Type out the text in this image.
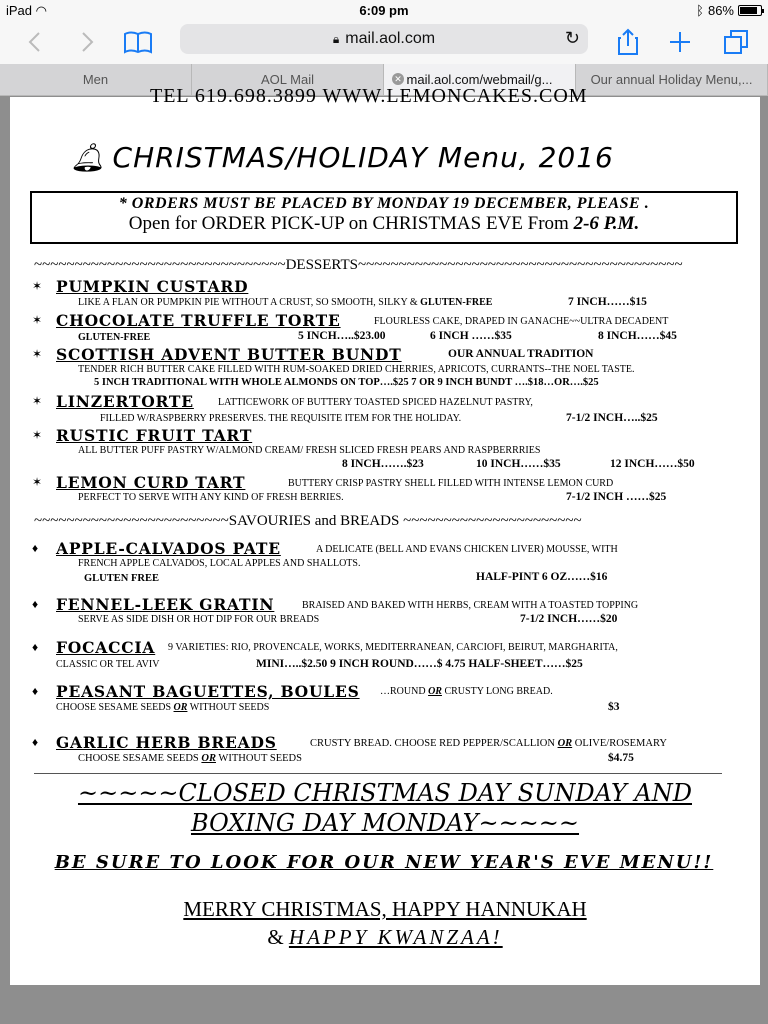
iPad ◠	6:09 pm	ᛒ 86%
🔒︎ mail.aol.com	↻
Men	AOL Mail	✕ mail.aol.com/webmail/g...	Our annual Holiday Menu,...
TEL 619.698.3899 WWW.LEMONCAKES.COM
🔔︎ CHRISTMAS/HOLIDAY Menu, 2016
* ORDERS MUST BE PLACED BY MONDAY 19 DECEMBER, PLEASE .
Open for ORDER PICK-UP on CHRISTMAS EVE From 2-6 P.M.
~~~~~~~~~~~~~~~~~~~~~~~~~~~~~~~DESSERTS~~~~~~~~~~~~~~~~~~~~~~~~~~~~~~~~~~~~~~~~
✶ PUMPKIN CUSTARD
LIKE A FLAN OR PUMPKIN PIE WITHOUT A CRUST, SO SMOOTH, SILKY & GLUTEN-FREE	7 INCH……$15
✶ CHOCOLATE TRUFFLE TORTE	FLOURLESS CAKE, DRAPED IN GANACHE~~ULTRA DECADENT
GLUTEN-FREE	5 INCH…..$23.00	6 INCH ……$35	8 INCH……$45
✶ SCOTTISH ADVENT BUTTER BUNDT	OUR ANNUAL TRADITION
TENDER RICH BUTTER CAKE FILLED WITH RUM-SOAKED DRIED CHERRIES, APRICOTS, CURRANTS--THE NOEL TASTE.
5 INCH TRADITIONAL WITH WHOLE ALMONDS ON TOP….$25 7 OR 9 INCH BUNDT ….$18…OR….$25
✶ LINZERTORTE LATTICEWORK OF BUTTERY TOASTED SPICED HAZELNUT PASTRY,
FILLED W/RASPBERRY PRESERVES. THE REQUISITE ITEM FOR THE HOLIDAY.	7-1/2 INCH…..$25
✶ RUSTIC FRUIT TART
ALL BUTTER PUFF PASTRY W/ALMOND CREAM/ FRESH SLICED FRESH PEARS AND RASPBERRRIES
8 INCH…….$23	10 INCH……$35	12 INCH……$50
✶ LEMON CURD TART	BUTTERY CRISP PASTRY SHELL FILLED WITH INTENSE LEMON CURD
PERFECT TO SERVE WITH ANY KIND OF FRESH BERRIES.	7-1/2 INCH ……$25
~~~~~~~~~~~~~~~~~~~~~~~~SAVOURIES and BREADS ~~~~~~~~~~~~~~~~~~~~~~
♦ APPLE-CALVADOS PATE	A DELICATE (BELL AND EVANS CHICKEN LIVER) MOUSSE, WITH
FRENCH APPLE CALVADOS, LOCAL APPLES AND SHALLOTS.
GLUTEN FREE	HALF-PINT 6 OZ……$16
♦ FENNEL-LEEK GRATIN	BRAISED AND BAKED WITH HERBS, CREAM WITH A TOASTED TOPPING
SERVE AS SIDE DISH OR HOT DIP FOR OUR BREADS	7-1/2 INCH……$20
♦ FOCACCIA 9 VARIETIES: RIO, PROVENCALE, WORKS, MEDITERRANEAN, CARCIOFI, BEIRUT, MARGHARITA,
CLASSIC OR TEL AVIV	MINI…..$2.50 9 INCH ROUND……$ 4.75 HALF-SHEET……$25
♦ PEASANT BAGUETTES, BOULES …ROUND OR CRUSTY LONG BREAD.
CHOOSE SESAME SEEDS OR WITHOUT SEEDS	$3
♦ GARLIC HERB BREADS	CRUSTY BREAD. CHOOSE RED PEPPER/SCALLION OR OLIVE/ROSEMARY
CHOOSE SESAME SEEDS OR WITHOUT SEEDS	$4.75
~~~~~CLOSED CHRISTMAS DAY SUNDAY AND
BOXING DAY MONDAY~~~~~
BE SURE TO LOOK FOR OUR NEW YEAR'S EVE MENU!!
MERRY CHRISTMAS, HAPPY HANNUKAH
& HAPPY KWANZAA!
